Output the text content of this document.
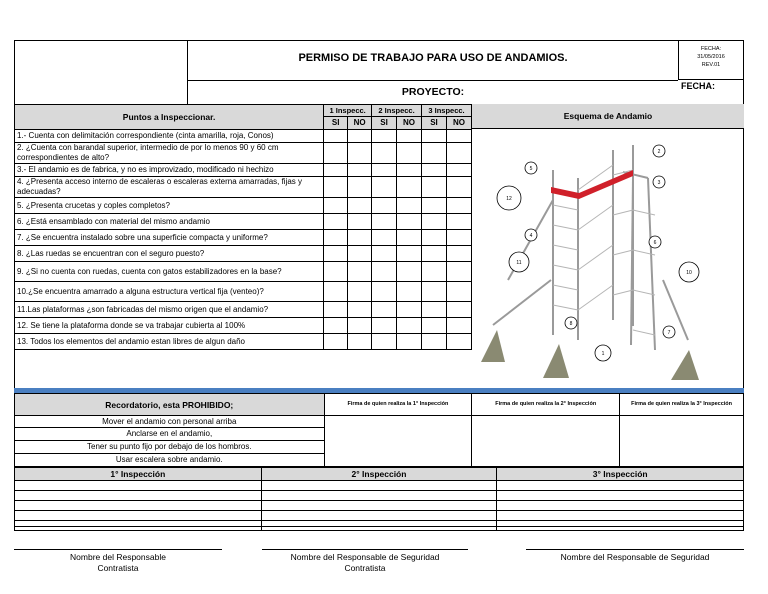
PERMISO DE TRABAJO PARA USO DE ANDAMIOS.
FECHA:
31/05/2016
REV.01
PROYECTO:	FECHA:
Puntos a Inspeccionar.	1 Inspecc.		2 Inspecc.		3 Inspecc.	
	SI	NO	SI	NO	SI	NO
1.- Cuenta con delimitación correspondiente (cinta amarilla, roja, Conos)						
2. ¿Cuenta con barandal superior, intermedio de por lo menos 90 y 60 cm correspondientes de alto?						
3.- El andamio es de fabrica, y no es improvizado, modificado ni hechizo						
4. ¿Presenta acceso interno de escaleras o escaleras externa amarradas, fijas y adecuadas?						
5. ¿Presenta crucetas y coples completos?						
6. ¿Está ensamblado con material del mismo andamio						
7. ¿Se encuentra instalado sobre una superficie compacta y uniforme?						
8. ¿Las ruedas se encuentran con el seguro puesto?						
9. ¿Si no cuenta con ruedas, cuenta con gatos estabilizadores en la base?						
10.¿Se encuentra amarrado a alguna estructura vertical fija (venteo)?						
11.Las plataformas ¿son fabricadas del mismo origen que el andamio?						
12. Se tiene la plataforma donde se va trabajar cubierta al 100%						
13. Todos los elementos del andamio estan libres de algun daño						
Esquema de Andamio
2
3
5
12
4
6
11
10
8
7
1
Recordatorio, esta PROHIBIDO;	Firma de quien realiza la 1° Inspección	Firma de quien realiza la 2° Inspección	Firma de quien realiza la 3° Inspección
Mover el andamio con personal arriba			
Anclarse en el andamio,			
Tener su punto fijo por debajo de los hombros.			
Usar escalera sobre andamio.			
1° Inspección	2° Inspección	3° Inspección

Nombre del Responsable
Contratista
Nombre del Responsable de Seguridad
Contratista
Nombre del Responsable de Seguridad
